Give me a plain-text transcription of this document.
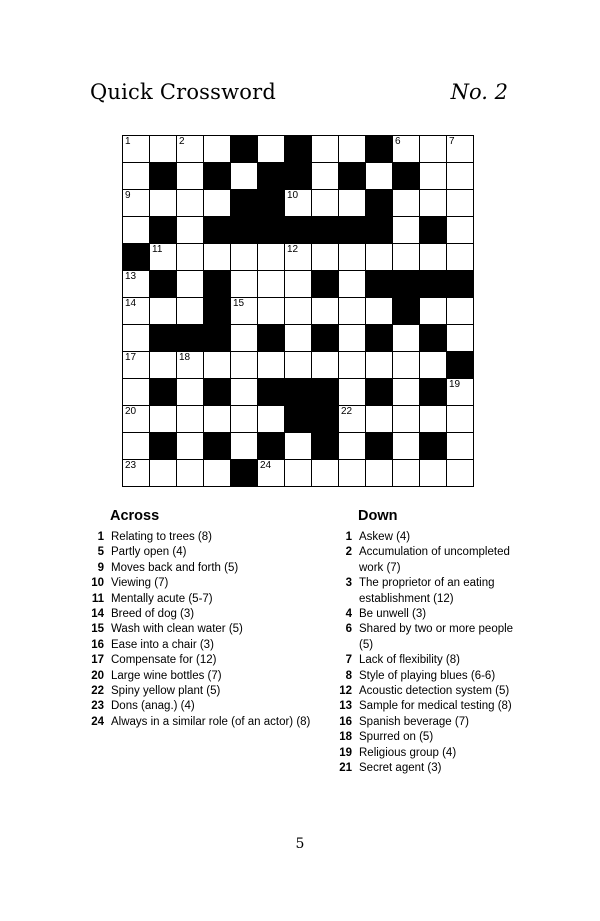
Quick Crossword	No. 2
1	2	6	7
9	10
11	12
13
14	15
17	18
19
20	22
23	24
Across
1 Relating to trees (8)
5 Partly open (4)
9 Moves back and forth (5)
10 Viewing (7)
11 Mentally acute (5-7)
14 Breed of dog (3)
15 Wash with clean water (5)
16 Ease into a chair (3)
17 Compensate for (12)
20 Large wine bottles (7)
22 Spiny yellow plant (5)
23 Dons (anag.) (4)
24 Always in a similar role (of an actor) (8)
Down
1 Askew (4)
2 Accumulation of uncompleted work (7)
3 The proprietor of an eating establishment (12)
4 Be unwell (3)
6 Shared by two or more people (5)
7 Lack of flexibility (8)
8 Style of playing blues (6-6)
12 Acoustic detection system (5)
13 Sample for medical testing (8)
16 Spanish beverage (7)
18 Spurred on (5)
19 Religious group (4)
21 Secret agent (3)
5
